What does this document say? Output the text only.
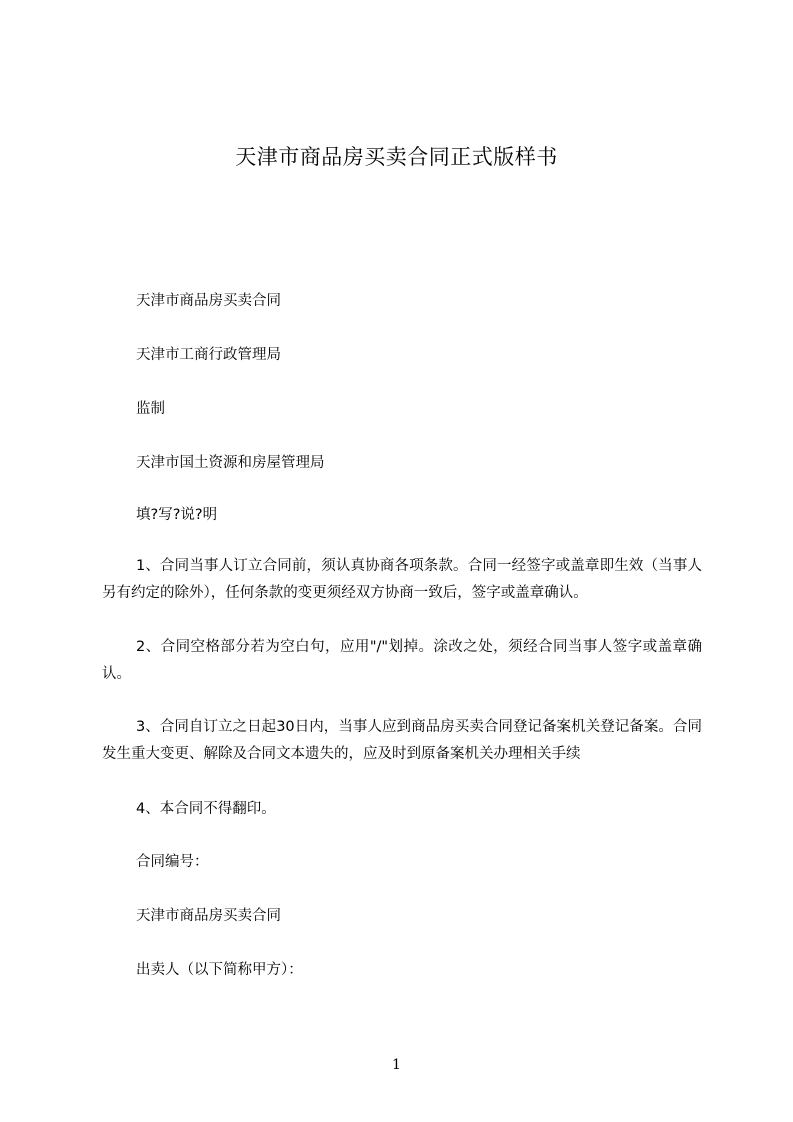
天津市商品房买卖合同正式版样书
天津市商品房买卖合同
天津市工商行政管理局
监制
天津市国土资源和房屋管理局
填?写?说?明
1、合同当事人订立合同前，须认真协商各项条款。合同一经签字或盖章即生效（当事人另有约定的除外），任何条款的变更须经双方协商一致后，签字或盖章确认。
2、合同空格部分若为空白句，应用"/"划掉。涂改之处，须经合同当事人签字或盖章确认。
3、合同自订立之日起30日内，当事人应到商品房买卖合同登记备案机关登记备案。合同发生重大变更、解除及合同文本遗失的，应及时到原备案机关办理相关手续
4、本合同不得翻印。
合同编号：
天津市商品房买卖合同
出卖人（以下简称甲方）：
1
